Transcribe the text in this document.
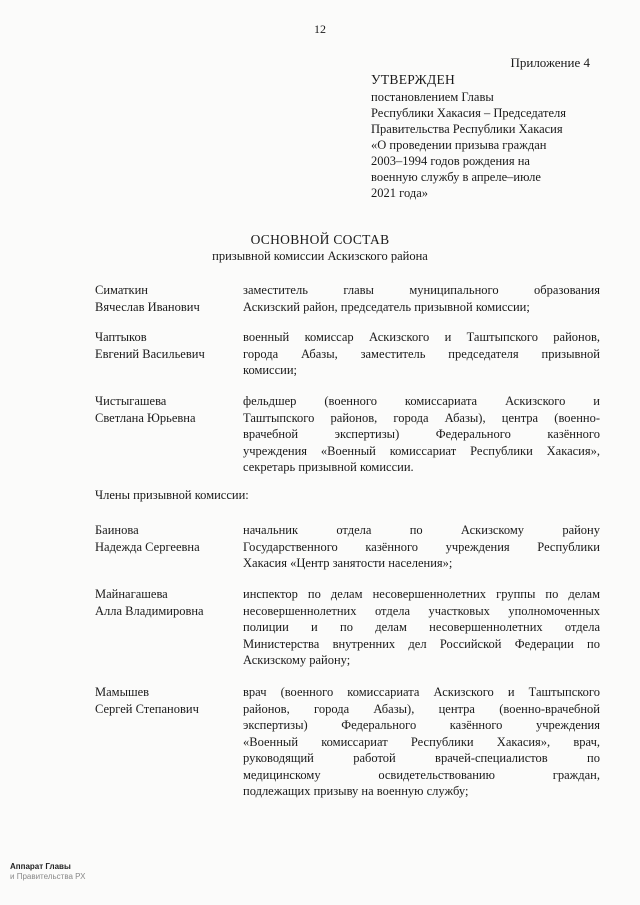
12
Приложение 4
УТВЕРЖДЕН
постановлением Главы
Республики Хакасия – Председателя
Правительства Республики Хакасия
«О проведении призыва граждан
2003–1994 годов рождения на
военную службу в апреле–июле
2021 года»
ОСНОВНОЙ СОСТАВ
призывной комиссии Аскизского района
Симаткин
Вячеслав Иванович
заместитель главы муниципального образования
Аскизский район, председатель призывной комиссии;
Чаптыков
Евгений Васильевич
военный комиссар Аскизского и Таштыпского районов,
города Абазы, заместитель председателя призывной
комиссии;
Чистыгашева
Светлана Юрьевна
фельдшер (военного комиссариата Аскизского и
Таштыпского районов, города Абазы), центра (военно-
врачебной экспертизы) Федерального казённого
учреждения «Военный комиссариат Республики Хакасия»,
секретарь призывной комиссии.
Члены призывной комиссии:
Баинова
Надежда Сергеевна
начальник отдела по Аскизскому району
Государственного казённого учреждения Республики
Хакасия «Центр занятости населения»;
Майнагашева
Алла Владимировна
инспектор по делам несовершеннолетних группы по делам
несовершеннолетних отдела участковых уполномоченных
полиции и по делам несовершеннолетних отдела
Министерства внутренних дел Российской Федерации по
Аскизскому району;
Мамышев
Сергей Степанович
врач (военного комиссариата Аскизского и Таштыпского
районов, города Абазы), центра (военно-врачебной
экспертизы) Федерального казённого учреждения
«Военный комиссариат Республики Хакасия», врач,
руководящий работой врачей-специалистов по
медицинскому освидетельствованию граждан,
подлежащих призыву на военную службу;
Аппарат Главы
и Правительства РХ
